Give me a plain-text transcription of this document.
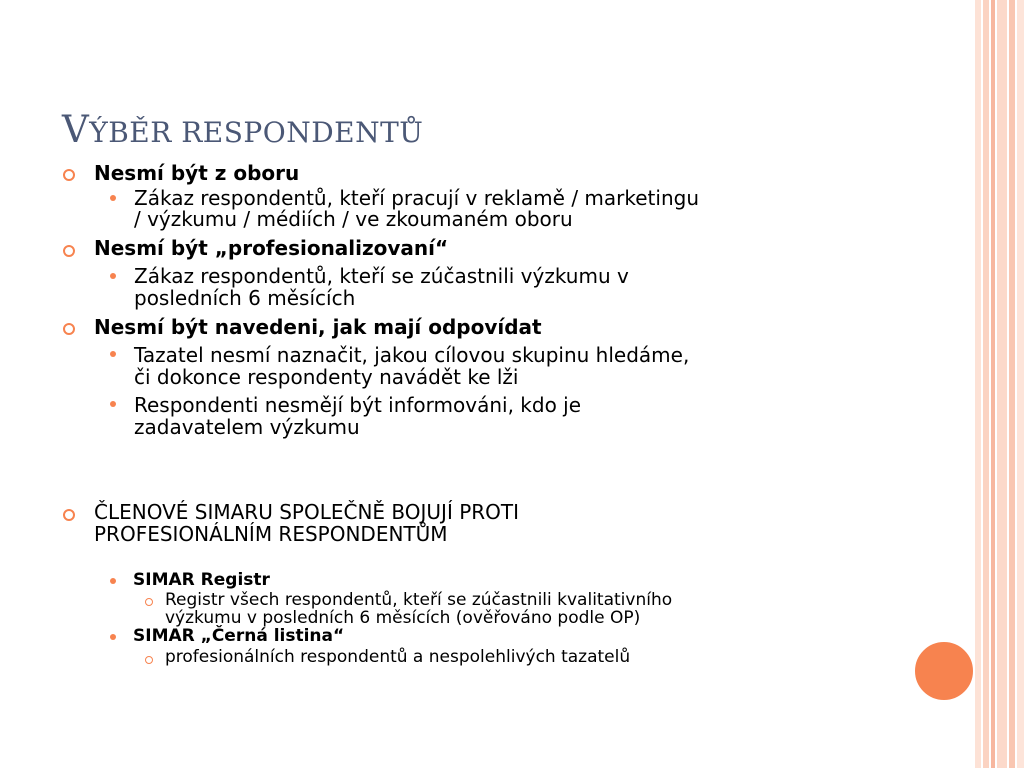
VÝBĚR RESPONDENTŮ
Nesmí být z oboru
Zákaz respondentů, kteří pracují v reklamě / marketingu
/ výzkumu / médiích / ve zkoumaném oboru
Nesmí být „profesionalizovaní“
Zákaz respondentů, kteří se zúčastnili výzkumu v
posledních 6 měsících
Nesmí být navedeni, jak mají odpovídat
Tazatel nesmí naznačit, jakou cílovou skupinu hledáme,
či dokonce respondenty navádět ke lži
Respondenti nesmějí být informováni, kdo je
zadavatelem výzkumu
ČLENOVÉ SIMARU SPOLEČNĚ BOJUJÍ PROTI
PROFESIONÁLNÍM RESPONDENTŮM
SIMAR Registr
Registr všech respondentů, kteří se zúčastnili kvalitativního
výzkumu v posledních 6 měsících (ověřováno podle OP)
SIMAR „Černá listina“
profesionálních respondentů a nespolehlivých tazatelů
